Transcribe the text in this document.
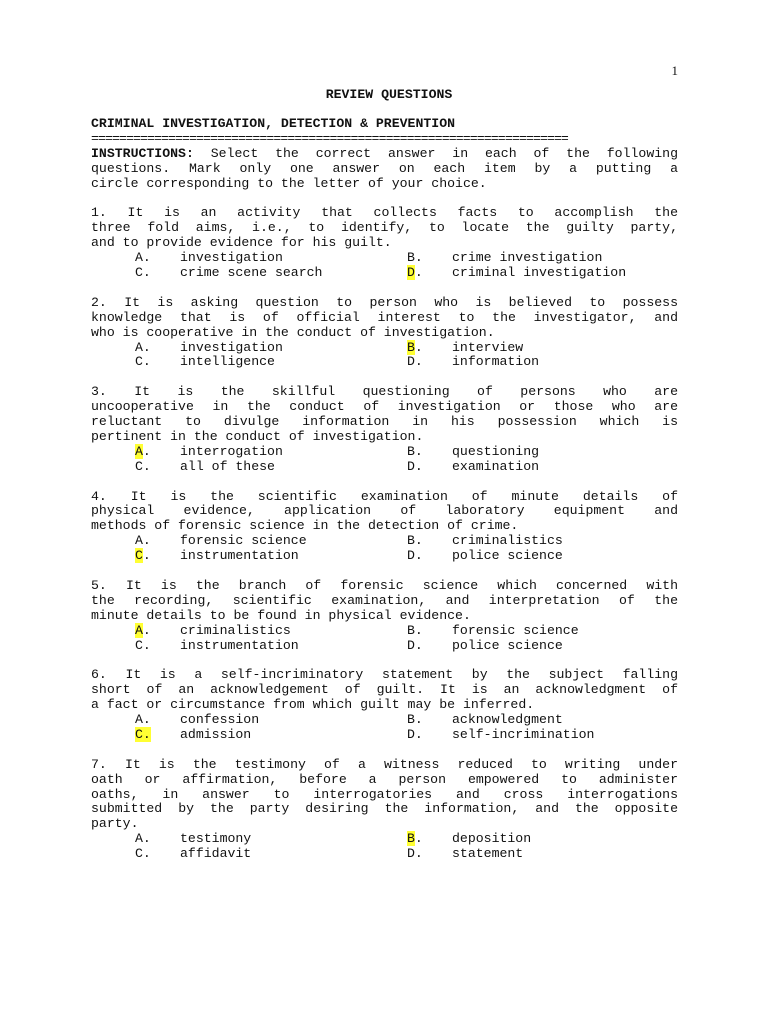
1
REVIEW QUESTIONS
CRIMINAL INVESTIGATION, DETECTION & PREVENTION
====================================================================
INSTRUCTIONS: Select the correct answer in each of the following
questions. Mark only one answer on each item by a putting a
circle corresponding to the letter of your choice.
1. It is an activity that collects facts to accomplish the
three fold aims, i.e., to identify, to locate the guilty party,
and to provide evidence for his guilt.
A. investigation	B. crime investigation
C. crime scene search	D. criminal investigation
2. It is asking question to person who is believed to possess
knowledge that is of official interest to the investigator, and
who is cooperative in the conduct of investigation.
A. investigation	B. interview
C. intelligence	D. information
3. It is the skillful questioning of persons who are
uncooperative in the conduct of investigation or those who are
reluctant to divulge information in his possession which is
pertinent in the conduct of investigation.
A. interrogation	B. questioning
C. all of these	D. examination
4. It is the scientific examination of minute details of
physical evidence, application of laboratory equipment and
methods of forensic science in the detection of crime.
A. forensic science	B. criminalistics
C. instrumentation	D. police science
5. It is the branch of forensic science which concerned with
the recording, scientific examination, and interpretation of the
minute details to be found in physical evidence.
A. criminalistics	B. forensic science
C. instrumentation	D. police science
6. It is a self-incriminatory statement by the subject falling
short of an acknowledgement of guilt. It is an acknowledgment of
a fact or circumstance from which guilt may be inferred.
A. confession	B. acknowledgment
C. admission	D. self-incrimination
7. It is the testimony of a witness reduced to writing under
oath or affirmation, before a person empowered to administer
oaths, in answer to interrogatories and cross interrogations
submitted by the party desiring the information, and the opposite
party.
A. testimony	B. deposition
C. affidavit	D. statement
